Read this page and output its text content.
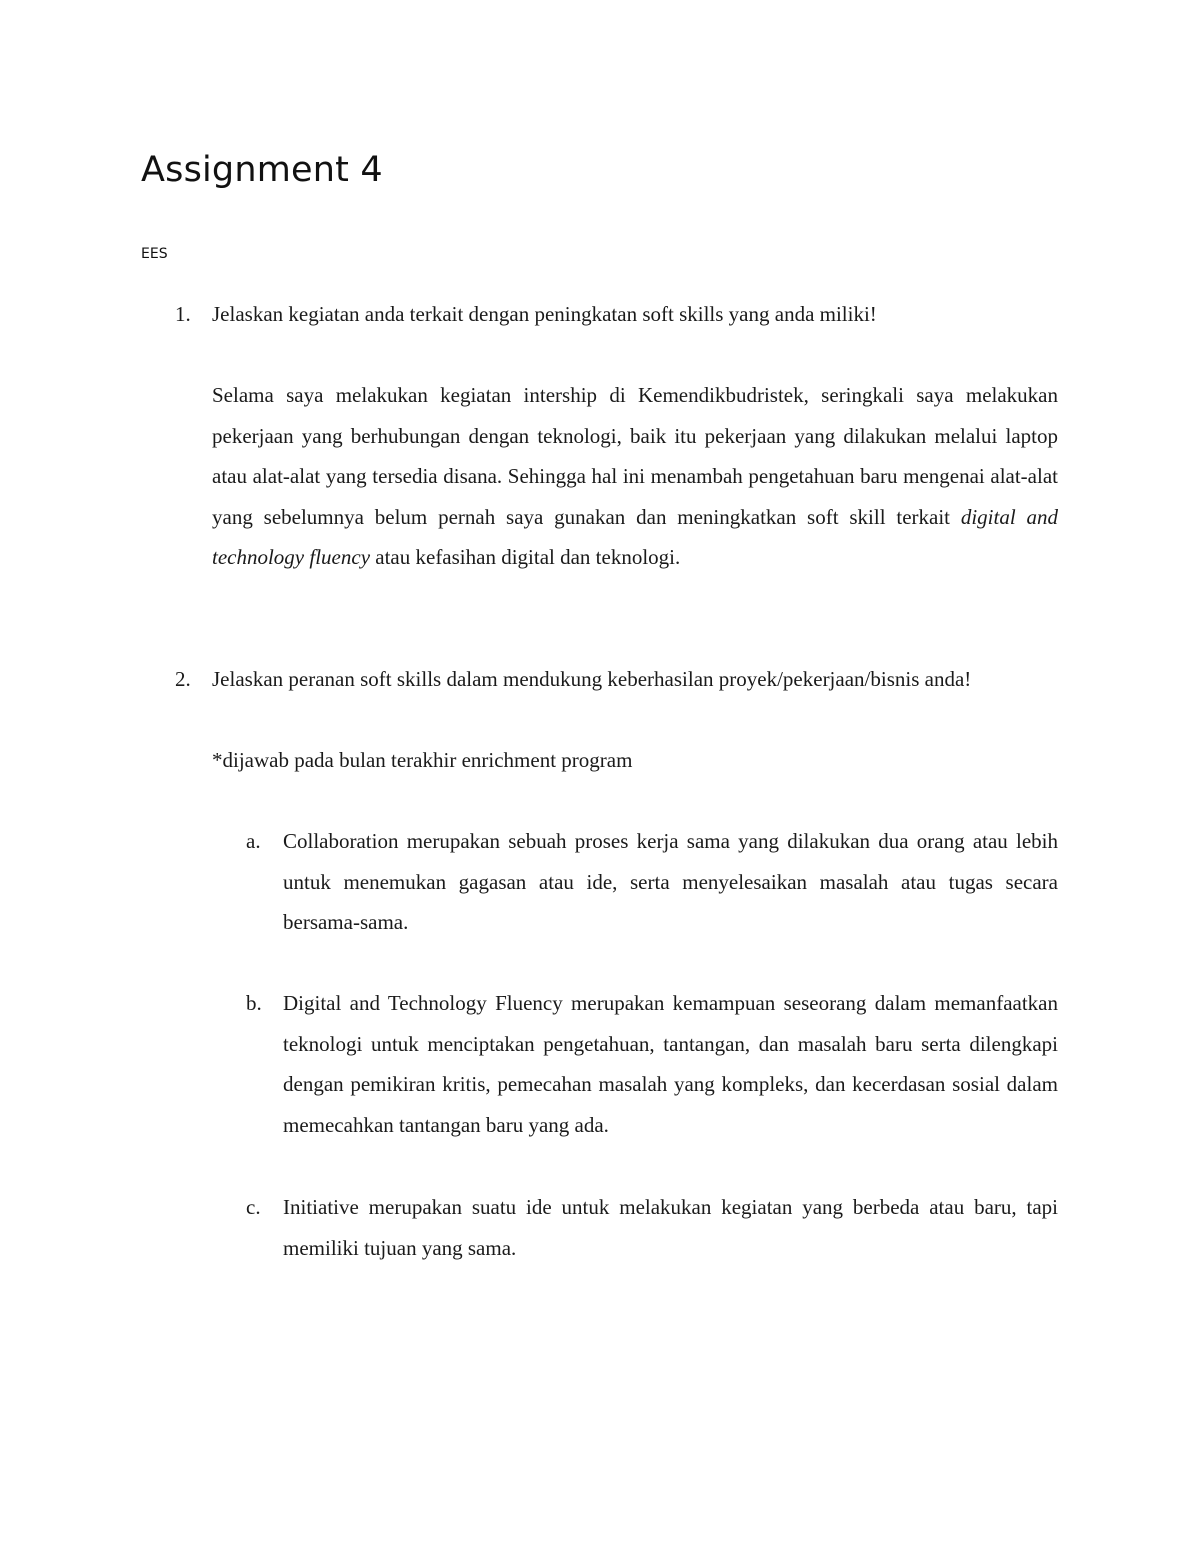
Assignment 4
EES
1. Jelaskan kegiatan anda terkait dengan peningkatan soft skills yang anda miliki!
Selama saya melakukan kegiatan intership di Kemendikbudristek, seringkali saya melakukan pekerjaan yang berhubungan dengan teknologi, baik itu pekerjaan yang dilakukan melalui laptop atau alat-alat yang tersedia disana. Sehingga hal ini menambah pengetahuan baru mengenai alat-alat yang sebelumnya belum pernah saya gunakan dan meningkatkan soft skill terkait digital and technology fluency atau kefasihan digital dan teknologi.
2. Jelaskan peranan soft skills dalam mendukung keberhasilan proyek/pekerjaan/bisnis anda!
*dijawab pada bulan terakhir enrichment program
a. Collaboration merupakan sebuah proses kerja sama yang dilakukan dua orang atau lebih untuk menemukan gagasan atau ide, serta menyelesaikan masalah atau tugas secara bersama-sama.
b. Digital and Technology Fluency merupakan kemampuan seseorang dalam memanfaatkan teknologi untuk menciptakan pengetahuan, tantangan, dan masalah baru serta dilengkapi dengan pemikiran kritis, pemecahan masalah yang kompleks, dan kecerdasan sosial dalam memecahkan tantangan baru yang ada.
c. Initiative merupakan suatu ide untuk melakukan kegiatan yang berbeda atau baru, tapi memiliki tujuan yang sama.
